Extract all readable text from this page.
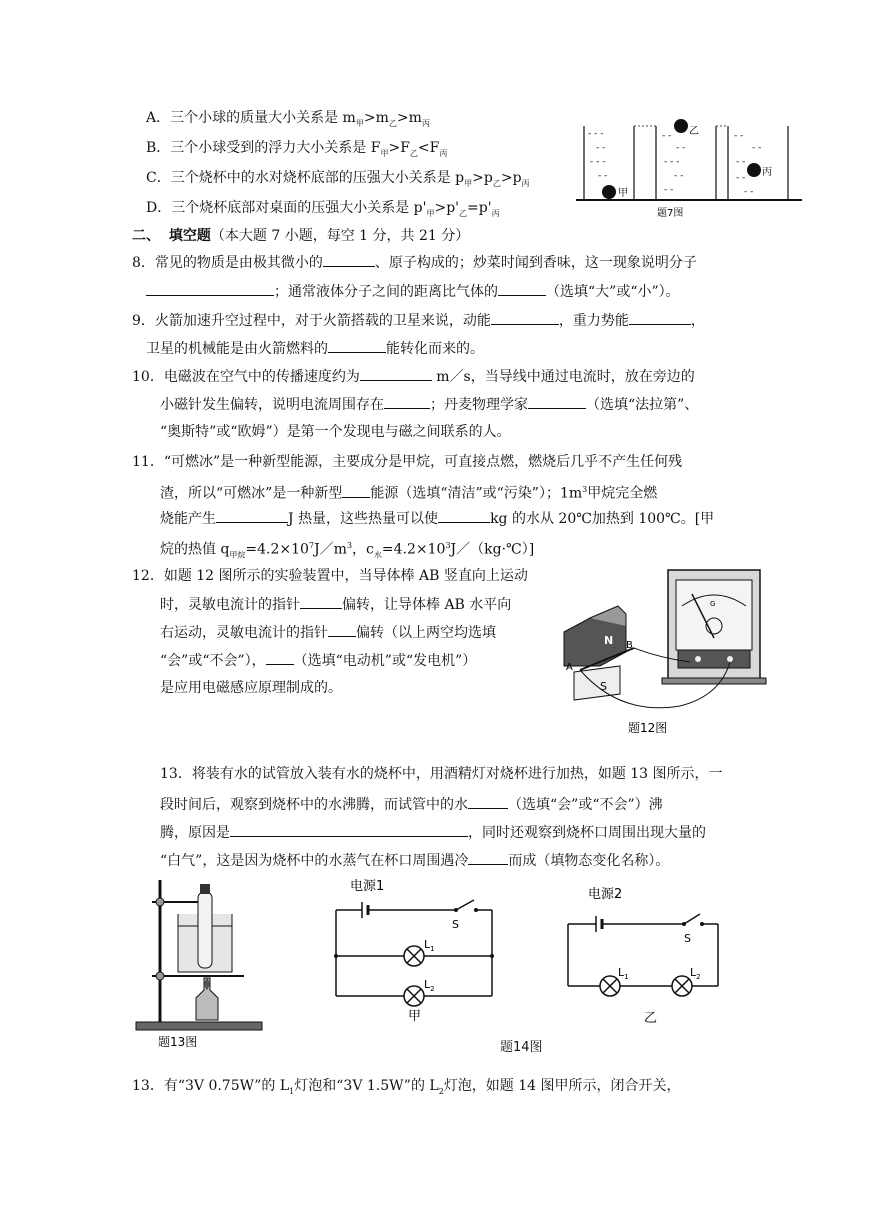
A．三个小球的质量大小关系是 $m_甲>m_乙>m_丙$
B．三个小球受到的浮力大小关系是 $F_甲>F_乙<F_丙$
C．三个烧杯中的水对烧杯底部的压强大小关系是 $p_甲>p_乙>p_丙$
D．三个烧杯底部对桌面的压强大小关系是 $p'_甲>p'_乙=p'_丙$
- - -
- -
- - -
- -
- -
- -
- - -
- -
- -
- -
- -
- -
- -
- -
甲
乙
丙
题7图
二、 填空题（本大题 7 小题，每空 1 分，共 21 分）
8．常见的物质是由极其微小的	、原子构成的；炒菜时闻到香味，这一现象说明分子
；通常液体分子之间的距离比气体的	（选填“大”或“小”）。
9．火箭加速升空过程中，对于火箭搭载的卫星来说，动能	，重力势能	，
卫星的机械能是由火箭燃料的	能转化而来的。
10．电磁波在空气中的传播速度约为	m／s，当导线中通过电流时，放在旁边的
小磁针发生偏转，说明电流周围存在	；丹麦物理学家	（选填“法拉第”、
“奥斯特”或“欧姆”）是第一个发现电与磁之间联系的人。
11．“可燃冰”是一种新型能源，主要成分是甲烷，可直接点燃，燃烧后几乎不产生任何残
渣，所以“可燃冰”是一种新型 能源（选填“清洁”或“污染”）；$1m^3$甲烷完全燃
烧能产生	J 热量，这些热量可以使	kg 的水从 20℃加热到 100℃。[甲
烷的热值 $q_{甲烷}=4.2\times 10^7J/m^3$，$c_水=4.2\times 10^3J/(kg\cdot℃)$]
12．如题 12 图所示的实验装置中，当导体棒 AB 竖直向上运动
时，灵敏电流计的指针	偏转，让导体棒 AB 水平向
右运动，灵敏电流计的指针 偏转（以上两空均选填
“会”或“不会”）， （选填“电动机”或“发电机”）
是应用电磁感应原理制成的。
G
N
S
A
B
题12图
13．将装有水的试管放入装有水的烧杯中，用酒精灯对烧杯进行加热，如题 13 图所示，一
段时间后，观察到烧杯中的水沸腾，而试管中的水	（选填“会”或“不会”）沸
腾，原因是	，同时还观察到烧杯口周围出现大量的
“白气”，这是因为烧杯中的水蒸气在杯口周围遇冷	而成（填物态变化名称）。
题13图
电源1
S
$L_1$
$L_2$
甲
电源2
S
$L_1$	$L_2$
乙
题14图
13．有“3V 0.75W”的 $L_1$灯泡和“3V 1.5W”的 $L_2$灯泡，如题 14 图甲所示，闭合开关，
